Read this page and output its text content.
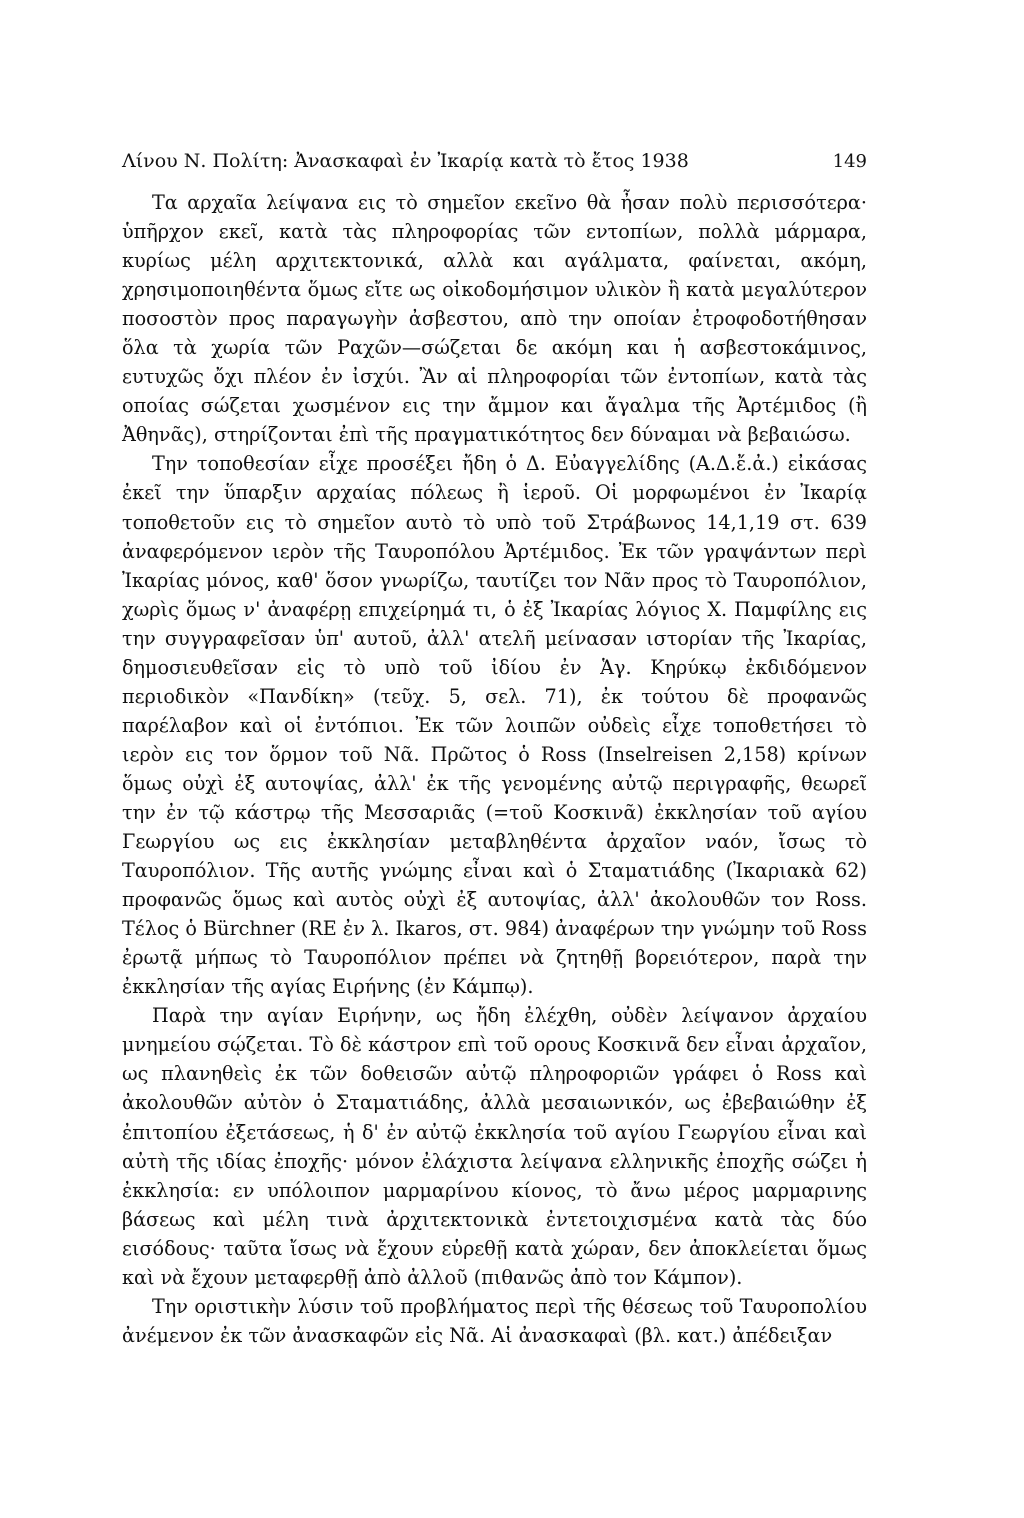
Λίνου Ν. Πολίτη: Ἀνασκαφαὶ ἐν Ἰκαρίᾳ κατὰ τὸ ἔτος 1938	149

Τα αρχαῖα λείψανα εις τὸ σημεῖον εκεῖνο θὰ ἦσαν πολὺ περισσότερα· ὑπῆρχον εκεῖ, κατὰ τὰς πληροφορίας τῶν εντοπίων, πολλὰ μάρμαρα, κυρίως μέλη αρχιτεκτονικά, αλλὰ και αγάλματα, φαίνεται, ακόμη, χρησιμοποιηθέντα ὅμως εἴτε ως οἰκοδομήσιμον υλικὸν ἢ κατὰ μεγαλύτερον ποσοστὸν προς παραγωγὴν ἀσβεστου, απὸ την οποίαν ἐτροφοδοτήθησαν ὅλα τὰ χωρία τῶν Ραχῶν—σώζεται δε ακόμη και ἡ ασβεστοκάμινος, ευτυχῶς ὄχι πλέον ἐν ἰσχύι. Ἂν αἱ πληροφορίαι τῶν ἐντοπίων, κατὰ τὰς οποίας σώζεται χωσμένον εις την ἄμμον και ἄγαλμα τῆς Ἀρτέμιδος (ἢ Ἀθηνᾶς), στηρίζονται ἐπὶ τῆς πραγματικότητος δεν δύναμαι νὰ βεβαιώσω.

Την τοποθεσίαν εἶχε προσέξει ἤδη ὁ Δ. Εὐαγγελίδης (Α.Δ.ἔ.ἀ.) εἰκάσας ἐκεῖ την ὕπαρξιν αρχαίας πόλεως ἢ ἱεροῦ. Οἱ μορφωμένοι ἐν Ἰκαρίᾳ τοποθετοῦν εις τὸ σημεῖον αυτὸ τὸ υπὸ τοῦ Στράβωνος 14,1,19 στ. 639 ἀναφερόμενον ιερὸν τῆς Ταυροπόλου Ἀρτέμιδος. Ἐκ τῶν γραψάντων περὶ Ἰκαρίας μόνος, καθ' ὅσον γνωρίζω, ταυτίζει τον Νᾶν προς τὸ Ταυροπόλιον, χωρὶς ὅμως ν' ἀναφέρῃ επιχείρημά τι, ὁ ἐξ Ἰκαρίας λόγιος Χ. Παμφίλης εις την συγγραφεῖσαν ὑπ' αυτοῦ, ἀλλ' ατελῆ μείνασαν ιστορίαν τῆς Ἰκαρίας, δημοσιευθεῖσαν εἰς τὸ υπὸ τοῦ ἰδίου ἐν Ἁγ. Κηρύκῳ ἐκδιδόμενον περιοδικὸν «Πανδίκη» (τεῦχ. 5, σελ. 71), ἐκ τούτου δὲ προφανῶς παρέλαβον καὶ οἱ ἐντόπιοι. Ἐκ τῶν λοιπῶν οὐδεὶς εἶχε τοποθετήσει τὸ ιερὸν εις τον ὅρμον τοῦ Νᾶ. Πρῶτος ὁ Ross (Inselreisen 2,158) κρίνων ὅμως οὐχὶ ἐξ αυτοψίας, ἀλλ' ἐκ τῆς γενομένης αὐτῷ περιγραφῆς, θεωρεῖ την ἐν τῷ κάστρῳ τῆς Μεσσαριᾶς (=τοῦ Κοσκινᾶ) ἐκκλησίαν τοῦ αγίου Γεωργίου ως εις ἐκκλησίαν μεταβληθέντα ἀρχαῖον ναόν, ἴσως τὸ Ταυροπόλιον. Τῆς αυτῆς γνώμης εἶναι καὶ ὁ Σταματιάδης (Ἰκαριακὰ 62) προφανῶς ὅμως καὶ αυτὸς οὐχὶ ἐξ αυτοψίας, ἀλλ' ἀκολουθῶν τον Ross. Τέλος ὁ Bürchner (RE ἐν λ. Ikaros, στ. 984) ἀναφέρων την γνώμην τοῦ Ross ἐρωτᾷ μήπως τὸ Ταυροπόλιον πρέπει νὰ ζητηθῇ βορειότερον, παρὰ την ἐκκλησίαν τῆς αγίας Ειρήνης (ἐν Κάμπῳ).

Παρὰ την αγίαν Ειρήνην, ως ἤδη ἐλέχθη, οὐδὲν λείψανον ἀρχαίου μνημείου σῴζεται. Τὸ δὲ κάστρον επὶ τοῦ ορους Κοσκινᾶ δεν εἶναι ἀρχαῖον, ως πλανηθεὶς ἐκ τῶν δοθεισῶν αὐτῷ πληροφοριῶν γράφει ὁ Ross καὶ ἀκολουθῶν αὐτὸν ὁ Σταματιάδης, ἀλλὰ μεσαιωνικόν, ως ἐβεβαιώθην ἐξ ἐπιτοπίου ἐξετάσεως, ἡ δ' ἐν αὐτῷ ἐκκλησία τοῦ αγίου Γεωργίου εἶναι καὶ αὐτὴ τῆς ιδίας ἐποχῆς· μόνον ἐλάχιστα λείψανα ελληνικῆς ἐποχῆς σώζει ἡ ἐκκλησία: εν υπόλοιπον μαρμαρίνου κίονος, τὸ ἄνω μέρος μαρμαρινης βάσεως καὶ μέλη τινὰ ἀρχιτεκτονικὰ ἐντετοιχισμένα κατὰ τὰς δύο εισόδους· ταῦτα ἴσως νὰ ἔχουν εὑρεθῇ κατὰ χώραν, δεν ἀποκλείεται ὅμως καὶ νὰ ἔχουν μεταφερθῇ ἀπὸ ἀλλοῦ (πιθανῶς ἀπὸ τον Κάμπον).

Την οριστικὴν λύσιν τοῦ προβλήματος περὶ τῆς θέσεως τοῦ Ταυροπολίου ἀνέμενον ἐκ τῶν ἀνασκαφῶν εἰς Νᾶ. Αἱ ἀνασκαφαὶ (βλ. κατ.) ἀπέδειξαν
